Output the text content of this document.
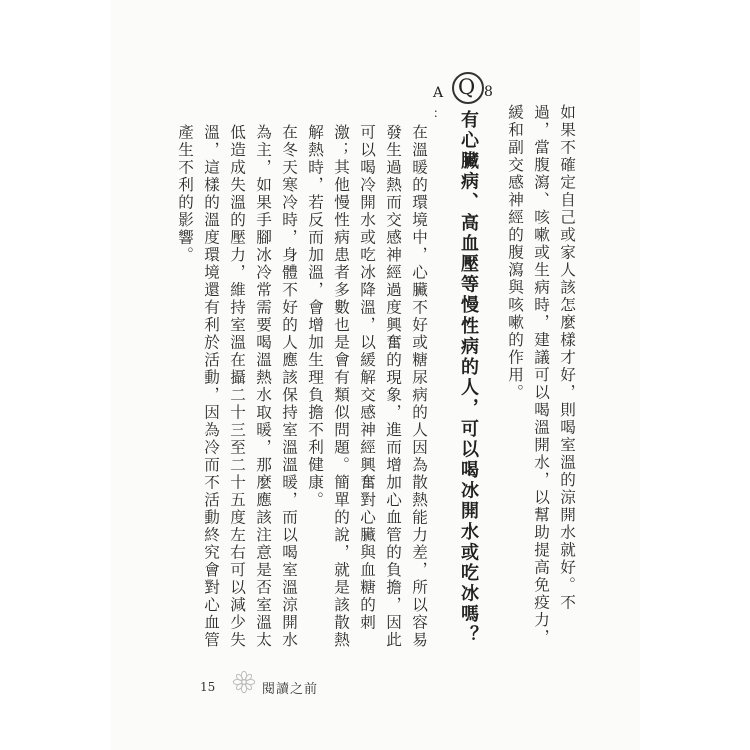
如果不確定自己或家人該怎麼樣才好，則喝室溫的涼開水就好。不
過，當腹瀉、咳嗽或生病時，建議可以喝溫開水，以幫助提高免疫力，
緩和副交感神經的腹瀉與咳嗽的作用。
Q 8
有心臟病、高血壓等慢性病的人，可以喝冰開水或吃冰嗎？
A
：
在溫暖的環境中，心臟不好或糖尿病的人因為散熱能力差，所以容易
發生過熱而交感神經過度興奮的現象，進而增加心血管的負擔，因此
可以喝冷開水或吃冰降溫，以緩解交感神經興奮對心臟與血糖的刺
激；其他慢性病患者多數也是會有類似問題。簡單的說，就是該散熱
解熱時，若反而加溫，會增加生理負擔不利健康。
在冬天寒冷時，身體不好的人應該保持室溫溫暖，而以喝室溫涼開水
為主，如果手腳冰冷常需要喝溫熱水取暖，那麼應該注意是否室溫太
低造成失溫的壓力，維持室溫在攝二十三至二十五度左右可以減少失
溫，這樣的溫度環境還有利於活動，因為冷而不活動終究會對心血管
產生不利的影響。
15	閱讀之前
